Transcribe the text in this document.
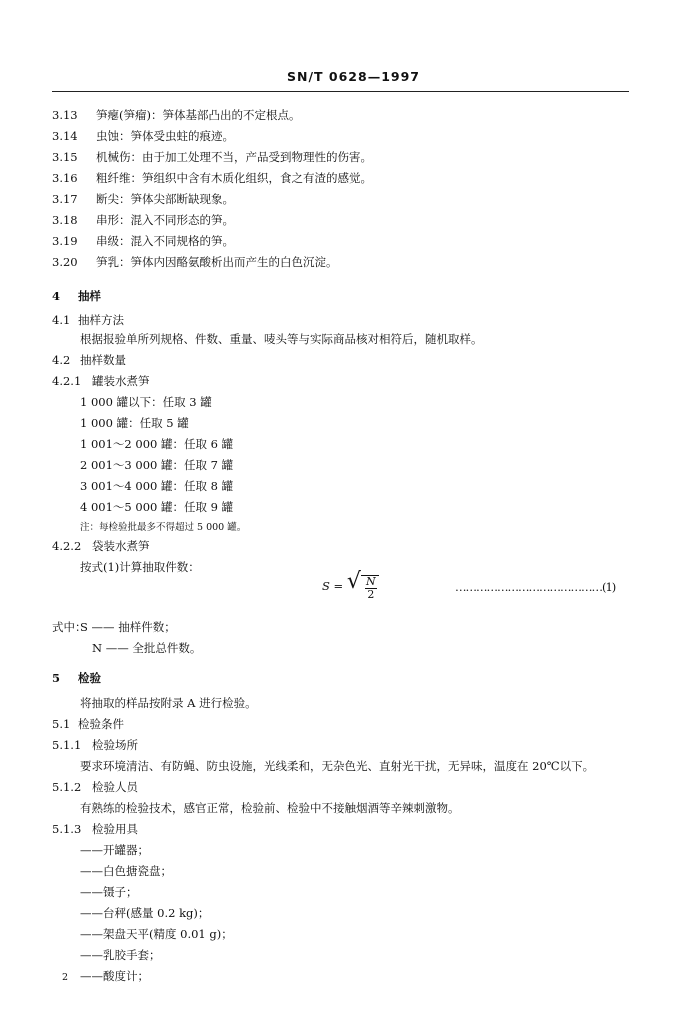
SN/T 0628—1997
3.13 笋瘪(笋瘤)：笋体基部凸出的不定根点。
3.14 虫蚀：笋体受虫蛀的痕迹。
3.15 机械伤：由于加工处理不当，产品受到物理性的伤害。
3.16 粗纤维：笋组织中含有木质化组织，食之有渣的感觉。
3.17 断尖：笋体尖部断缺现象。
3.18 串形：混入不同形态的笋。
3.19 串级：混入不同规格的笋。
3.20 笋乳：笋体内因酪氨酸析出而产生的白色沉淀。
4 抽样
4.1 抽样方法
根据报验单所列规格、件数、重量、唛头等与实际商品核对相符后，随机取样。
4.2 抽样数量
4.2.1 罐装水煮笋
1 000 罐以下：任取 3 罐
1 000 罐：任取 5 罐
1 001～2 000 罐：任取 6 罐
2 001～3 000 罐：任取 7 罐
3 001～4 000 罐：任取 8 罐
4 001～5 000 罐：任取 9 罐
注：每检验批最多不得超过 5 000 罐。
4.2.2 袋装水煮笋
按式(1)计算抽取件数：
式中：
S —— 抽样件数；
N —— 全批总件数。
5 检验
将抽取的样品按附录 A 进行检验。
5.1 检验条件
5.1.1 检验场所
要求环境清洁、有防蝇、防虫设施，光线柔和，无杂色光、直射光干扰，无异味，温度在 20℃以下。
5.1.2 检验人员
有熟练的检验技术，感官正常，检验前、检验中不接触烟酒等辛辣刺激物。
5.1.3 检验用具
——开罐器；
——白色搪瓷盘；
——镊子；
——台秤(感量 0.2 kg)；
——架盘天平(精度 0.01 g)；
——乳胶手套；
——酸度计；
S = √ $\frac{N}{2}$	……………………………………(1)
2
